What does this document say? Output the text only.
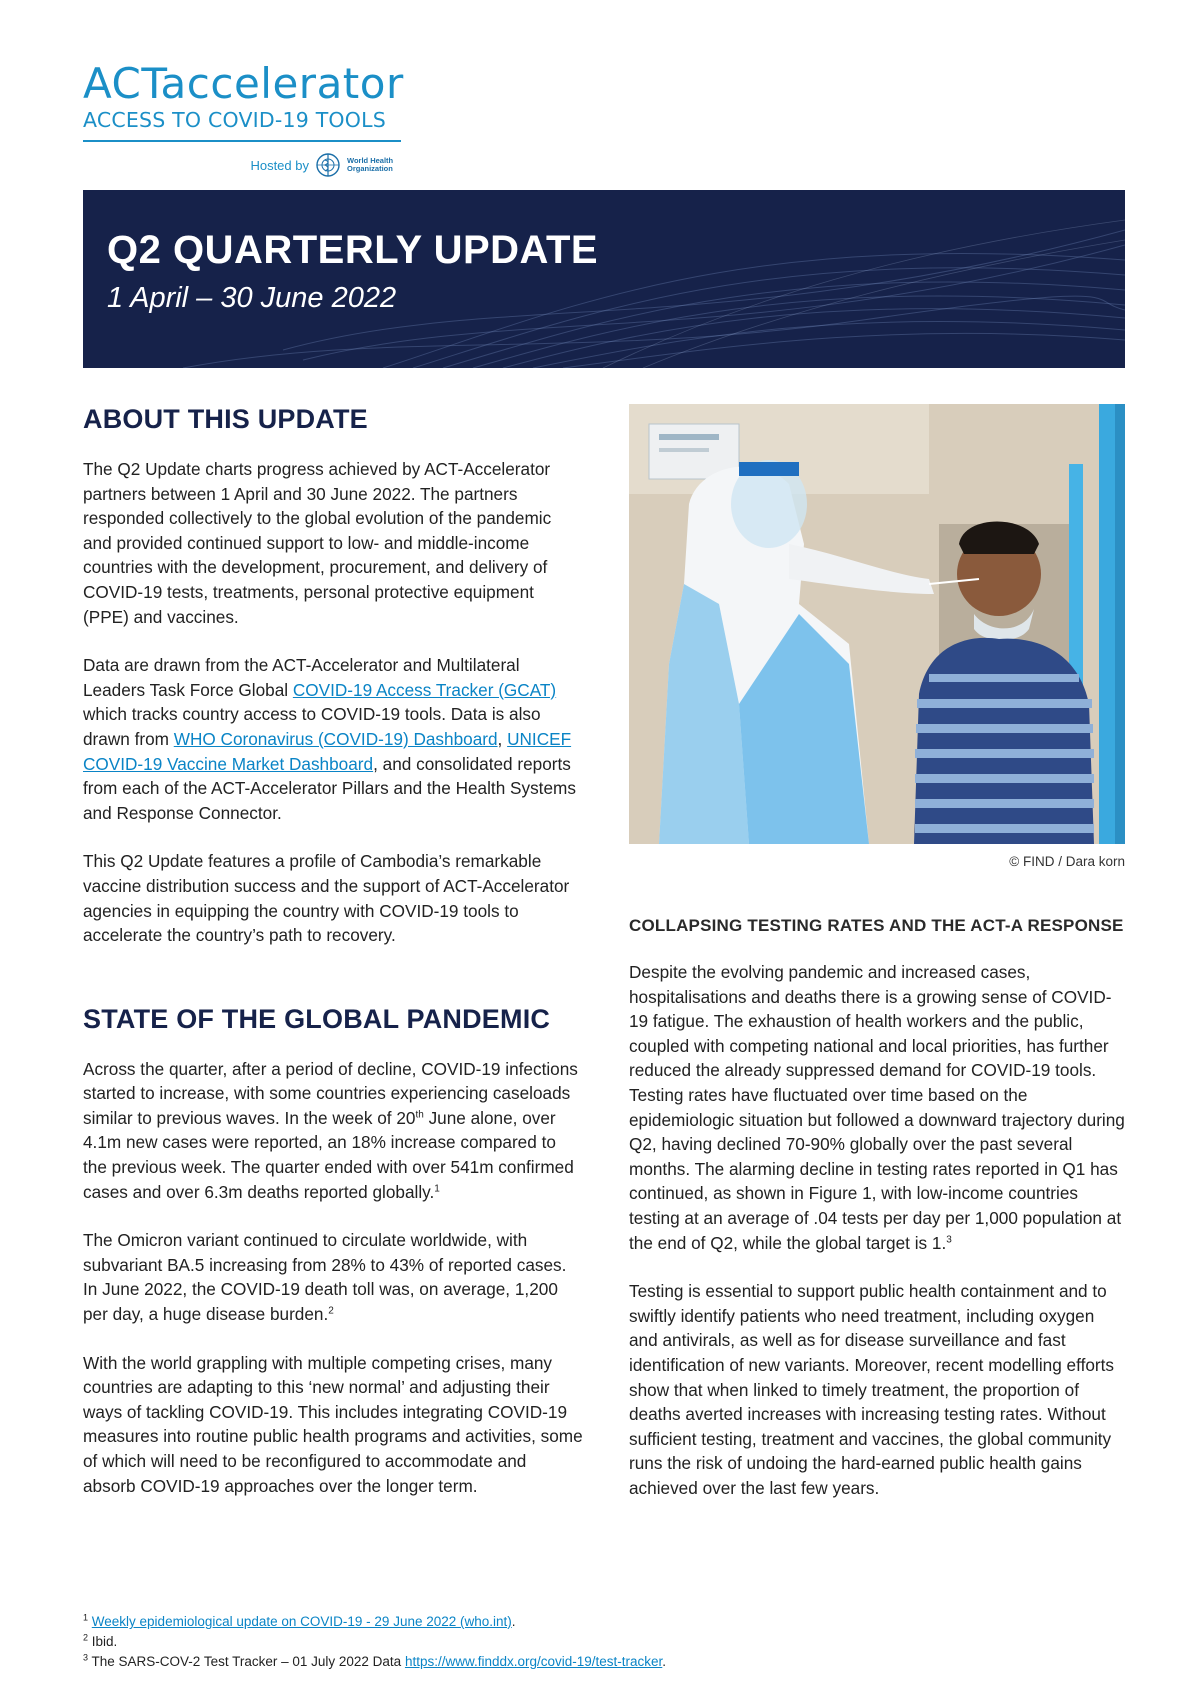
ACTaccelerator
ACCESS TO COVID-19 TOOLS
Hosted by	World Health
Organization
Q2 QUARTERLY UPDATE
1 April – 30 June 2022
ABOUT THIS UPDATE

The Q2 Update charts progress achieved by ACT-Accelerator partners between 1 April and 30 June 2022. The partners responded collectively to the global evolution of the pandemic and provided continued support to low- and middle-income countries with the development, procurement, and delivery of COVID-19 tests, treatments, personal protective equipment (PPE) and vaccines.

Data are drawn from the ACT-Accelerator and Multilateral Leaders Task Force Global COVID-19 Access Tracker (GCAT) which tracks country access to COVID-19 tools. Data is also drawn from WHO Coronavirus (COVID-19) Dashboard, UNICEF COVID-19 Vaccine Market Dashboard, and consolidated reports from each of the ACT-Accelerator Pillars and the Health Systems and Response Connector.

This Q2 Update features a profile of Cambodia’s remarkable vaccine distribution success and the support of ACT-Accelerator agencies in equipping the country with COVID-19 tools to accelerate the country’s path to recovery.

STATE OF THE GLOBAL PANDEMIC

Across the quarter, after a period of decline, COVID-19 infections started to increase, with some countries experiencing caseloads similar to previous waves. In the week of 20th June alone, over 4.1m new cases were reported, an 18% increase compared to the previous week. The quarter ended with over 541m confirmed cases and over 6.3m deaths reported globally.$^1$

The Omicron variant continued to circulate worldwide, with subvariant BA.5 increasing from 28% to 43% of reported cases. In June 2022, the COVID-19 death toll was, on average, 1,200 per day, a huge disease burden.$^2$

With the world grappling with multiple competing crises, many countries are adapting to this ‘new normal’ and adjusting their ways of tackling COVID-19. This includes integrating COVID-19 measures into routine public health programs and activities, some of which will need to be reconfigured to accommodate and absorb COVID-19 approaches over the longer term.

© FIND / Dara korn
COLLAPSING TESTING RATES AND THE ACT-A RESPONSE

Despite the evolving pandemic and increased cases, hospitalisations and deaths there is a growing sense of COVID-19 fatigue. The exhaustion of health workers and the public, coupled with competing national and local priorities, has further reduced the already suppressed demand for COVID-19 tools. Testing rates have fluctuated over time based on the epidemiologic situation but followed a downward trajectory during Q2, having declined 70-90% globally over the past several months. The alarming decline in testing rates reported in Q1 has continued, as shown in Figure 1, with low-income countries testing at an average of .04 tests per day per 1,000 population at the end of Q2, while the global target is 1.$^3$

Testing is essential to support public health containment and to swiftly identify patients who need treatment, including oxygen and antivirals, as well as for disease surveillance and fast identification of new variants. Moreover, recent modelling efforts show that when linked to timely treatment, the proportion of deaths averted increases with increasing testing rates. Without sufficient testing, treatment and vaccines, the global community runs the risk of undoing the hard-earned public health gains achieved over the last few years.

$^1$ Weekly epidemiological update on COVID-19 - 29 June 2022 (who.int).
$^2$ Ibid.
$^3$ The SARS-COV-2 Test Tracker – 01 July 2022 Data https://www.finddx.org/covid-19/test-tracker.
